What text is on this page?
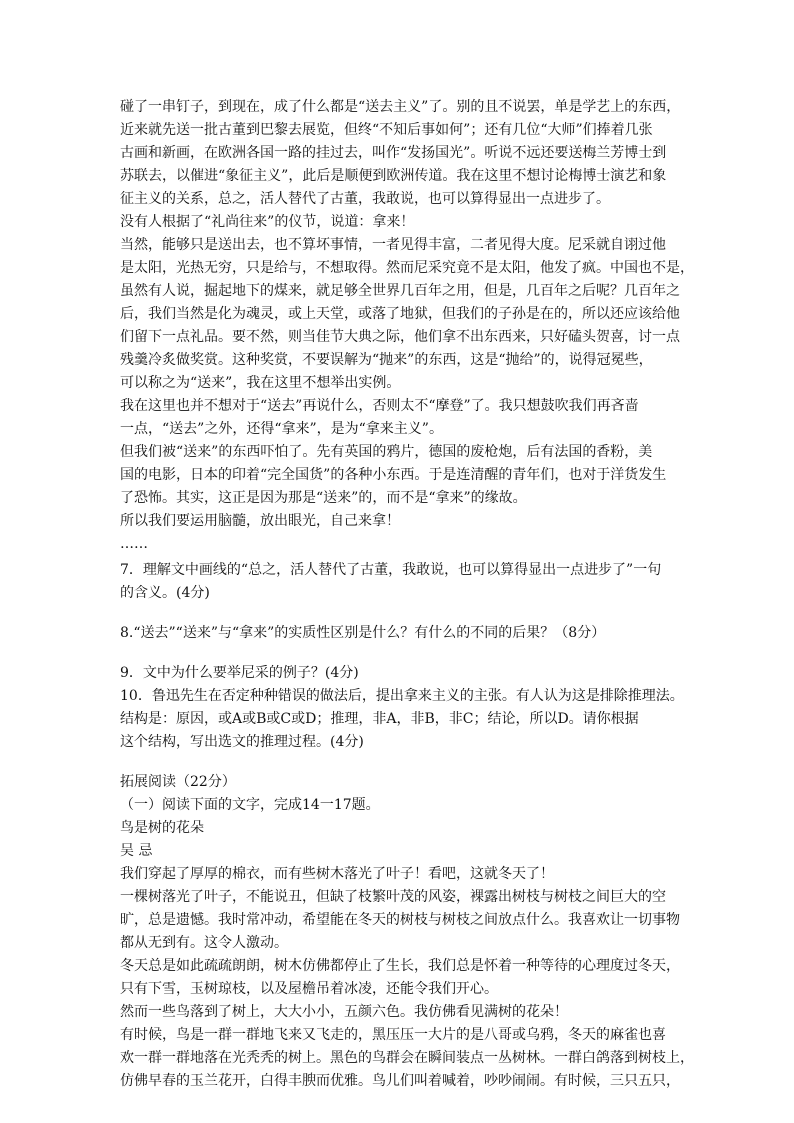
碰了一串钉子，到现在，成了什么都是“送去主义”了。别的且不说罢，单是学艺上的东西，
近来就先送一批古董到巴黎去展览，但终“不知后事如何”；还有几位“大师”们捧着几张
古画和新画，在欧洲各国一路的挂过去，叫作“发扬国光”。听说不远还要送梅兰芳博士到
苏联去，以催进“象征主义”，此后是顺便到欧洲传道。我在这里不想讨论梅博士演艺和象
征主义的关系，总之，活人替代了古董，我敢说，也可以算得显出一点进步了。
没有人根据了“礼尚往来”的仪节，说道：拿来！
当然，能够只是送出去，也不算坏事情，一者见得丰富，二者见得大度。尼采就自诩过他
是太阳，光热无穷，只是给与，不想取得。然而尼采究竟不是太阳，他发了疯。中国也不是，
虽然有人说，掘起地下的煤来，就足够全世界几百年之用，但是，几百年之后呢？几百年之
后，我们当然是化为魂灵，或上天堂，或落了地狱，但我们的子孙是在的，所以还应该给他
们留下一点礼品。要不然，则当佳节大典之际，他们拿不出东西来，只好磕头贺喜，讨一点
残羹冷炙做奖赏。这种奖赏，不要误解为“抛来”的东西，这是“抛给”的，说得冠冕些，
可以称之为“送来”，我在这里不想举出实例。
我在这里也并不想对于“送去”再说什么，否则太不“摩登”了。我只想鼓吹我们再吝啬
一点，“送去”之外，还得“拿来”，是为“拿来主义”。
但我们被“送来”的东西吓怕了。先有英国的鸦片，德国的废枪炮，后有法国的香粉，美
国的电影，日本的印着“完全国货”的各种小东西。于是连清醒的青年们，也对于洋货发生
了恐怖。其实，这正是因为那是“送来”的，而不是“拿来”的缘故。
所以我们要运用脑髓，放出眼光，自己来拿！
……
7．理解文中画线的“总之，活人替代了古董，我敢说，也可以算得显出一点进步了”一句
的含义。(4分)
8.“送去”“送来”与“拿来”的实质性区别是什么？有什么的不同的后果？（8分）
9．文中为什么要举尼采的例子？(4分)
10．鲁迅先生在否定种种错误的做法后，提出拿来主义的主张。有人认为这是排除推理法。
结构是：原因，或A或B或C或D；推理，非A，非B，非C；结论，所以D。请你根据
这个结构，写出选文的推理过程。(4分)
拓展阅读（22分）
（一）阅读下面的文字，完成14一17题。
鸟是树的花朵
吴 忌
我们穿起了厚厚的棉衣，而有些树木落光了叶子！看吧，这就冬天了！
一棵树落光了叶子，不能说丑，但缺了枝繁叶茂的风姿，裸露出树枝与树枝之间巨大的空
旷，总是遗憾。我时常冲动，希望能在冬天的树枝与树枝之间放点什么。我喜欢让一切事物
都从无到有。这令人激动。
冬天总是如此疏疏朗朗，树木仿佛都停止了生长，我们总是怀着一种等待的心理度过冬天，
只有下雪，玉树琼枝，以及屋檐吊着冰凌，还能令我们开心。
然而一些鸟落到了树上，大大小小，五颜六色。我仿佛看见满树的花朵！
有时候，鸟是一群一群地飞来又飞走的，黑压压一大片的是八哥或乌鸦，冬天的麻雀也喜
欢一群一群地落在光秃秃的树上。黑色的鸟群会在瞬间装点一丛树林。一群白鸽落到树枝上，
仿佛早春的玉兰花开，白得丰腴而优雅。鸟儿们叫着喊着，吵吵闹闹。有时候，三只五只，
